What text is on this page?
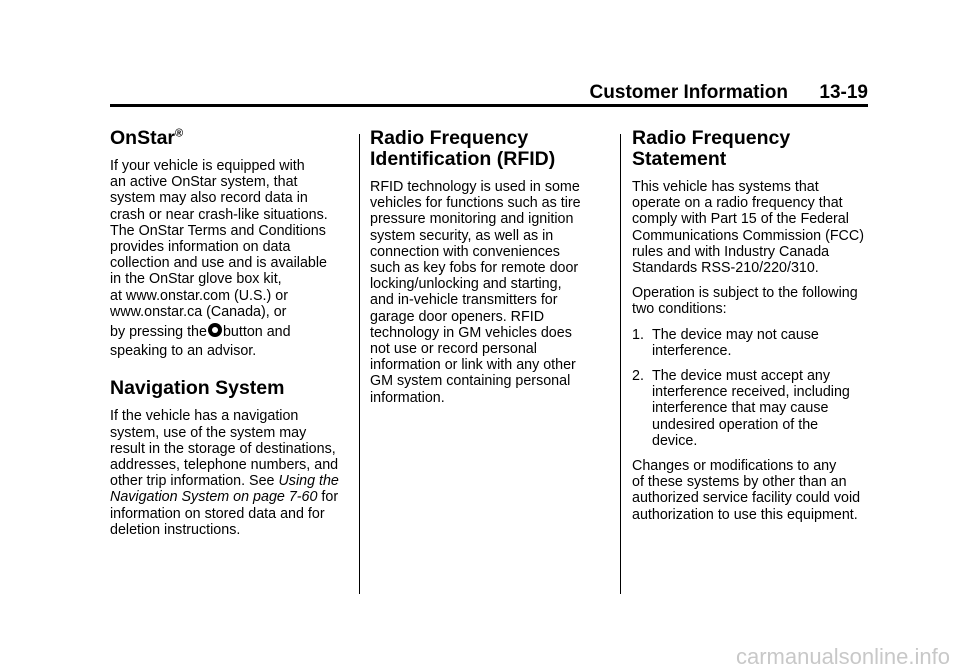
Customer Information 13-19
OnStar®

If your vehicle is equipped with
an active OnStar system, that
system may also record data in
crash or near crash-like situations.
The OnStar Terms and Conditions
provides information on data
collection and use and is available
in the OnStar glove box kit,
at www.onstar.com (U.S.) or
www.onstar.ca (Canada), or
by pressing the button and
speaking to an advisor.

Navigation System

If the vehicle has a navigation
system, use of the system may
result in the storage of destinations,
addresses, telephone numbers, and
other trip information. See Using the
Navigation System on page 7-60 for
information on stored data and for
deletion instructions.

Radio Frequency
Identification (RFID)

RFID technology is used in some
vehicles for functions such as tire
pressure monitoring and ignition
system security, as well as in
connection with conveniences
such as key fobs for remote door
locking/unlocking and starting,
and in-vehicle transmitters for
garage door openers. RFID
technology in GM vehicles does
not use or record personal
information or link with any other
GM system containing personal
information.

Radio Frequency
Statement

This vehicle has systems that
operate on a radio frequency that
comply with Part 15 of the Federal
Communications Commission (FCC)
rules and with Industry Canada
Standards RSS-210/220/310.

Operation is subject to the following
two conditions:

1. The device may not cause
interference.
2. The device must accept any
interference received, including
interference that may cause
undesired operation of the
device.

Changes or modifications to any
of these systems by other than an
authorized service facility could void
authorization to use this equipment.

carmanualsonline.info
